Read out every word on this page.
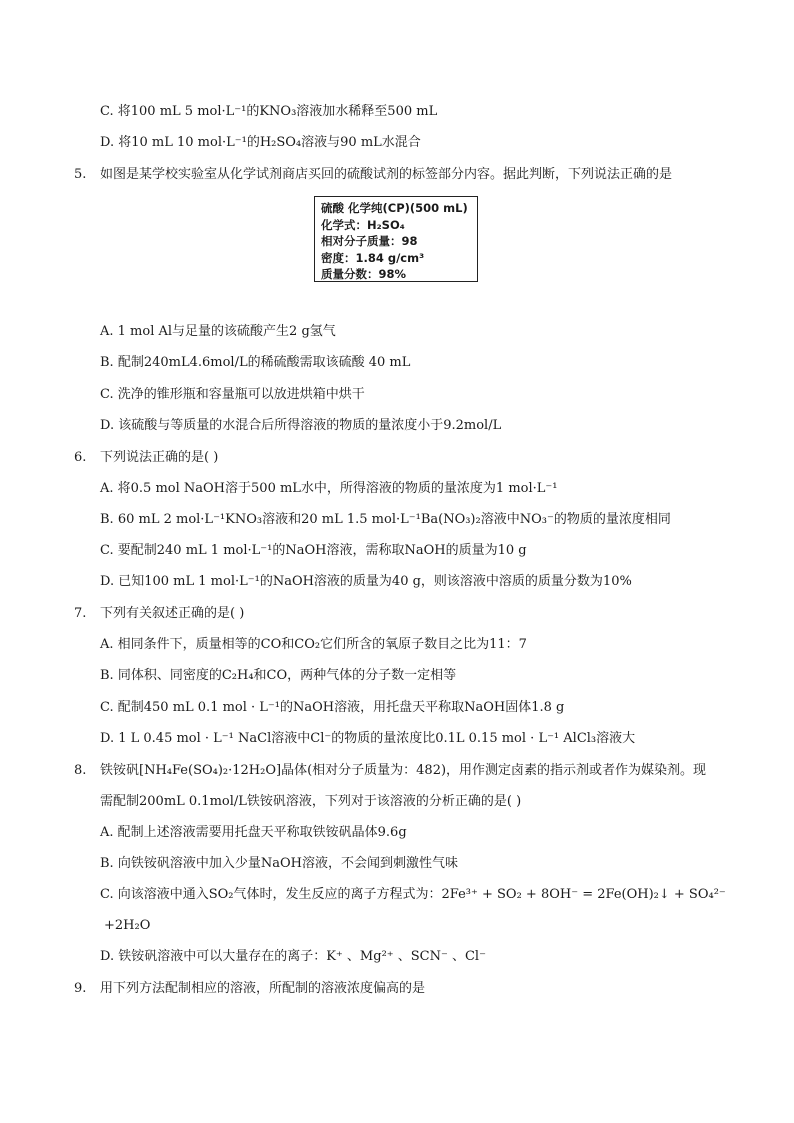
C. 将100 mL 5 mol·L⁻¹的KNO₃溶液加水稀释至500 mL
D. 将10 mL 10 mol·L⁻¹的H₂SO₄溶液与90 mL水混合
5. 如图是某学校实验室从化学试剂商店买回的硫酸试剂的标签部分内容。据此判断，下列说法正确的是
硫酸 化学纯(CP)(500 mL)
化学式：H₂SO₄
相对分子质量：98
密度：1.84 g/cm³
质量分数：98%
A. 1 mol Al与足量的该硫酸产生2 g氢气
B. 配制240mL4.6mol/L的稀硫酸需取该硫酸 40 mL
C. 洗净的锥形瓶和容量瓶可以放进烘箱中烘干
D. 该硫酸与等质量的水混合后所得溶液的物质的量浓度小于9.2mol/L
6. 下列说法正确的是( )
A. 将0.5 mol NaOH溶于500 mL水中，所得溶液的物质的量浓度为1 mol·L⁻¹
B. 60 mL 2 mol·L⁻¹KNO₃溶液和20 mL 1.5 mol·L⁻¹Ba(NO₃)₂溶液中NO₃⁻的物质的量浓度相同
C. 要配制240 mL 1 mol·L⁻¹的NaOH溶液，需称取NaOH的质量为10 g
D. 已知100 mL 1 mol·L⁻¹的NaOH溶液的质量为40 g，则该溶液中溶质的质量分数为10%
7. 下列有关叙述正确的是( )
A. 相同条件下，质量相等的CO和CO₂它们所含的氧原子数目之比为11：7
B. 同体积、同密度的C₂H₄和CO，两种气体的分子数一定相等
C. 配制450 mL 0.1 mol · L⁻¹的NaOH溶液，用托盘天平称取NaOH固体1.8 g
D. 1 L 0.45 mol · L⁻¹ NaCl溶液中Cl⁻的物质的量浓度比0.1L 0.15 mol · L⁻¹ AlCl₃溶液大
8. 铁铵矾[NH₄Fe(SO₄)₂·12H₂O]晶体(相对分子质量为：482)，用作测定卤素的指示剂或者作为媒染剂。现
需配制200mL 0.1mol/L铁铵矾溶液，下列对于该溶液的分析正确的是( )
A. 配制上述溶液需要用托盘天平称取铁铵矾晶体9.6g
B. 向铁铵矾溶液中加入少量NaOH溶液，不会闻到刺激性气味
C. 向该溶液中通入SO₂气体时，发生反应的离子方程式为：2Fe³⁺ + SO₂ + 8OH⁻ = 2Fe(OH)₂↓ + SO₄²⁻
+2H₂O
D. 铁铵矾溶液中可以大量存在的离子：K⁺ 、Mg²⁺ 、SCN⁻ 、Cl⁻
9. 用下列方法配制相应的溶液，所配制的溶液浓度偏高的是
